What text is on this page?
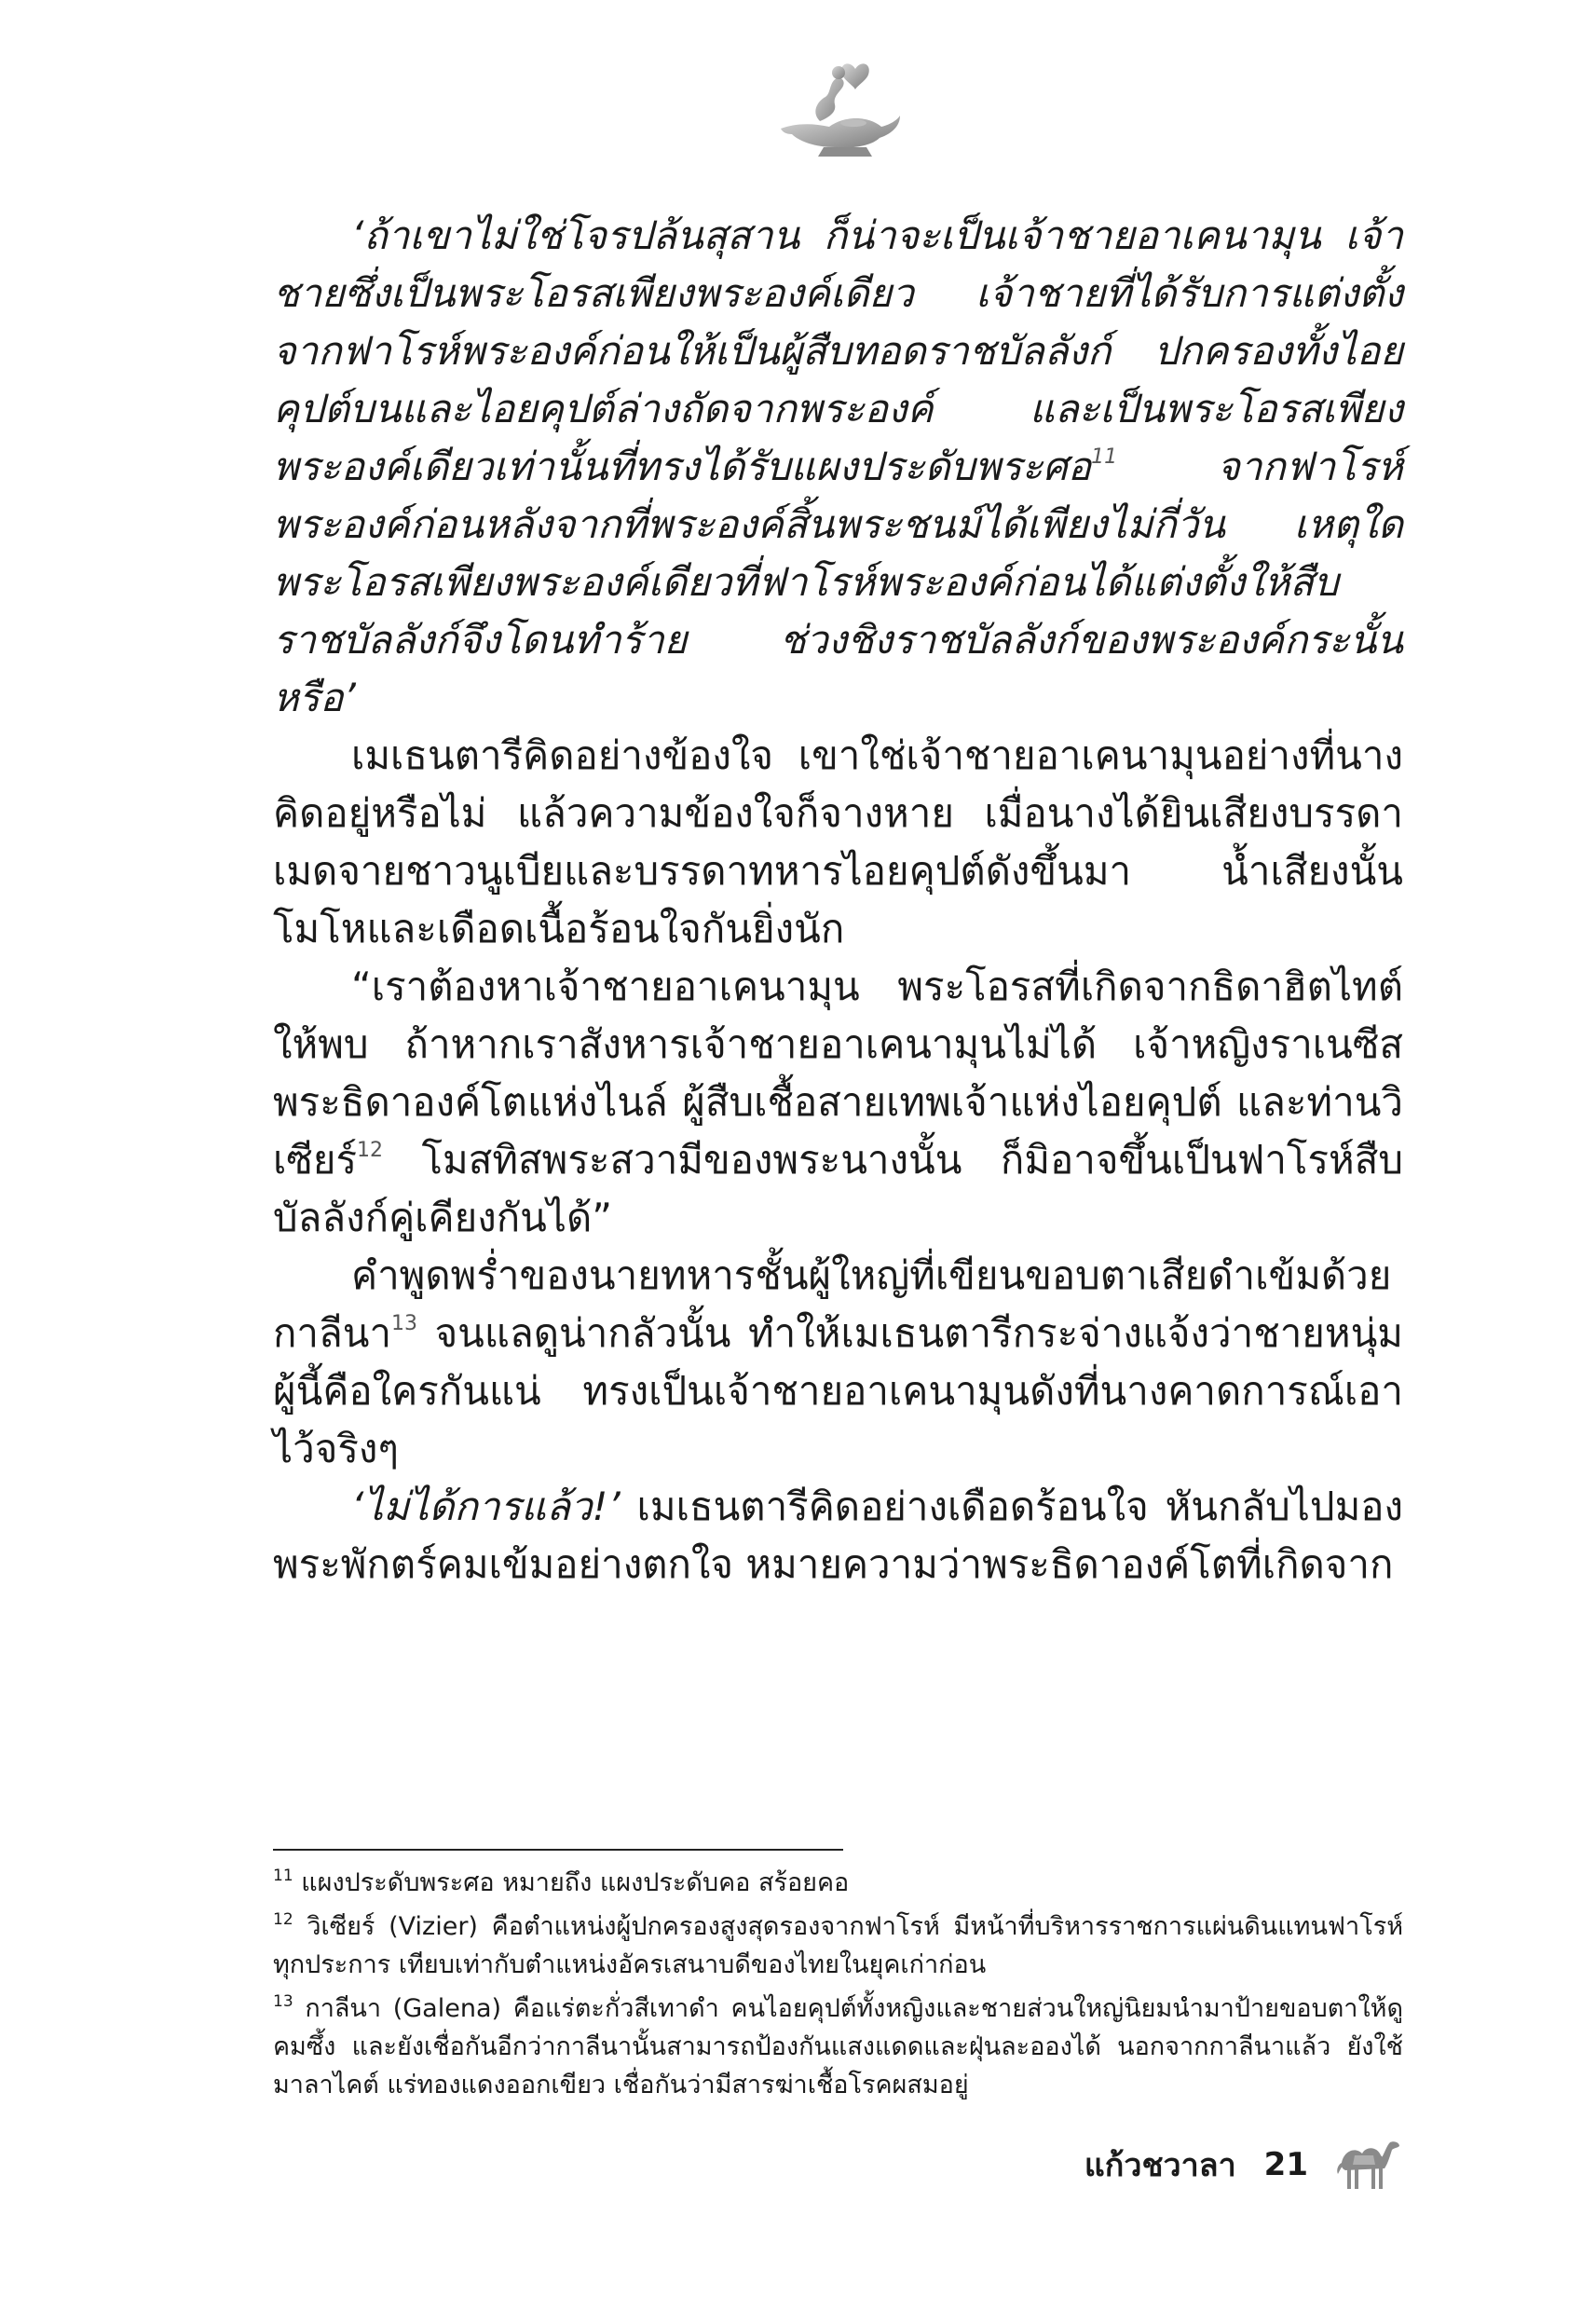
‘ถ้าเขาไม่ใช่โจรปล้นสุสาน ก็น่าจะเป็นเจ้าชายอาเคนามุน เจ้าชายซึ่งเป็นพระโอรสเพียงพระองค์เดียว เจ้าชายที่ได้รับการแต่งตั้งจากฟาโรห์พระองค์ก่อนให้เป็นผู้สืบทอดราชบัลลังก์ ปกครองทั้งไอยคุปต์บนและไอยคุปต์ล่างถัดจากพระองค์ และเป็นพระโอรสเพียงพระองค์เดียวเท่านั้นที่ทรงได้รับแผงประดับพระศอ$^{11}$ จากฟาโรห์พระองค์ก่อนหลังจากที่พระองค์สิ้นพระชนม์ได้เพียงไม่กี่วัน เหตุใดพระโอรสเพียงพระองค์เดียวที่ฟาโรห์พระองค์ก่อนได้แต่งตั้งให้สืบราชบัลลังก์จึงโดนทำร้าย ช่วงชิงราชบัลลังก์ของพระองค์กระนั้นหรือ’

เมเธนตารีคิดอย่างข้องใจ เขาใช่เจ้าชายอาเคนามุนอย่างที่นางคิดอยู่หรือไม่ แล้วความข้องใจก็จางหาย เมื่อนางได้ยินเสียงบรรดาเมดจายชาวนูเบียและบรรดาทหารไอยคุปต์ดังขึ้นมา น้ำเสียงนั้นโมโหและเดือดเนื้อร้อนใจกันยิ่งนัก

“เราต้องหาเจ้าชายอาเคนามุน พระโอรสที่เกิดจากธิดาฮิตไทต์ให้พบ ถ้าหากเราสังหารเจ้าชายอาเคนามุนไม่ได้ เจ้าหญิงราเนซีสพระธิดาองค์โตแห่งไนล์ ผู้สืบเชื้อสายเทพเจ้าแห่งไอยคุปต์ และท่านวิเซียร์$^{12}$ โมสทิสพระสวามีของพระนางนั้น ก็มิอาจขึ้นเป็นฟาโรห์สืบบัลลังก์คู่เคียงกันได้”

คำพูดพร่ำของนายทหารชั้นผู้ใหญ่ที่เขียนขอบตาเสียดำเข้มด้วยกาลีนา$^{13}$ จนแลดูน่ากลัวนั้น ทำให้เมเธนตารีกระจ่างแจ้งว่าชายหนุ่มผู้นี้คือใครกันแน่ ทรงเป็นเจ้าชายอาเคนามุนดังที่นางคาดการณ์เอาไว้จริงๆ

‘ไม่ได้การแล้ว!’ เมเธนตารีคิดอย่างเดือดร้อนใจ หันกลับไปมองพระพักตร์คมเข้มอย่างตกใจ หมายความว่าพระธิดาองค์โตที่เกิดจาก

$^{11}$ แผงประดับพระศอ หมายถึง แผงประดับคอ สร้อยคอ
$^{12}$ วิเซียร์ (Vizier) คือตำแหน่งผู้ปกครองสูงสุดรองจากฟาโรห์ มีหน้าที่บริหารราชการแผ่นดินแทนฟาโรห์ทุกประการ เทียบเท่ากับตำแหน่งอัครเสนาบดีของไทยในยุคเก่าก่อน
$^{13}$ กาลีนา (Galena) คือแร่ตะกั่วสีเทาดำ คนไอยคุปต์ทั้งหญิงและชายส่วนใหญ่นิยมนำมาป้ายขอบตาให้ดูคมซึ้ง และยังเชื่อกันอีกว่ากาลีนานั้นสามารถป้องกันแสงแดดและฝุ่นละอองได้ นอกจากกาลีนาแล้ว ยังใช้มาลาไคต์ แร่ทองแดงออกเขียว เชื่อกันว่ามีสารฆ่าเชื้อโรคผสมอยู่
แก้วชวาลา 21
